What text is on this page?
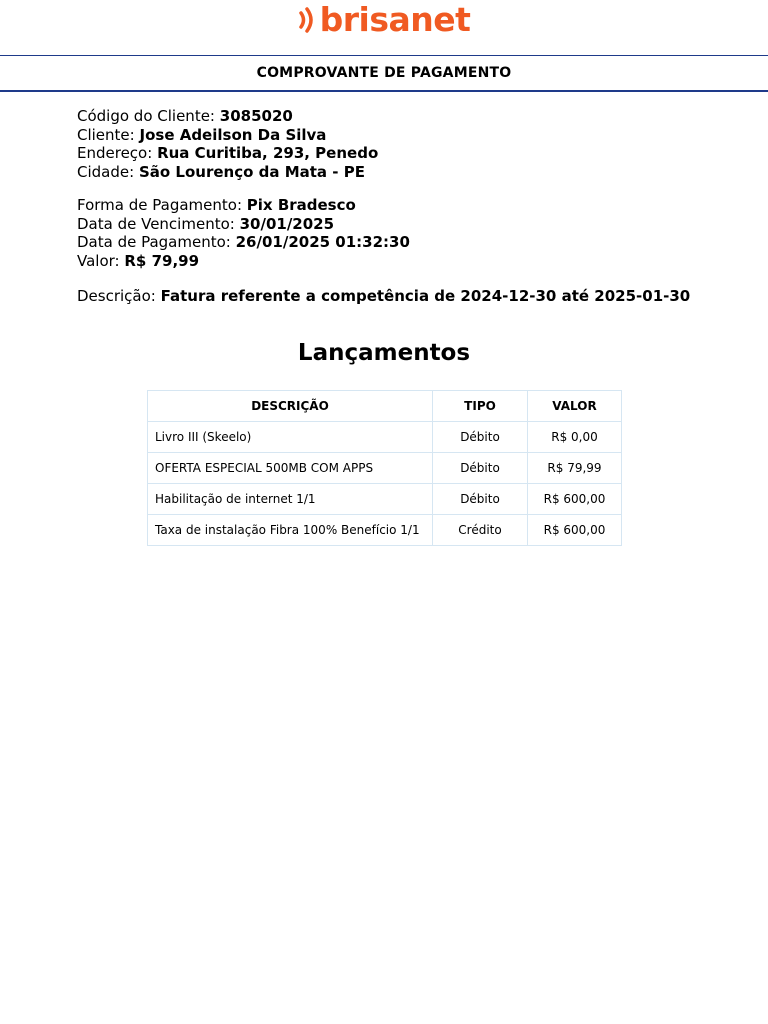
brisanet
COMPROVANTE DE PAGAMENTO
Código do Cliente: 3085020
Cliente: Jose Adeilson Da Silva
Endereço: Rua Curitiba, 293, Penedo
Cidade: São Lourenço da Mata - PE
Forma de Pagamento: Pix Bradesco
Data de Vencimento: 30/01/2025
Data de Pagamento: 26/01/2025 01:32:30
Valor: R$ 79,99
Descrição: Fatura referente a competência de 2024-12-30 até 2025-01-30
Lançamentos
DESCRIÇÃO	TIPO	VALOR
Livro III (Skeelo)	Débito	R$ 0,00
OFERTA ESPECIAL 500MB COM APPS	Débito	R$ 79,99
Habilitação de internet 1/1	Débito	R$ 600,00
Taxa de instalação Fibra 100% Benefício 1/1	Crédito	R$ 600,00
